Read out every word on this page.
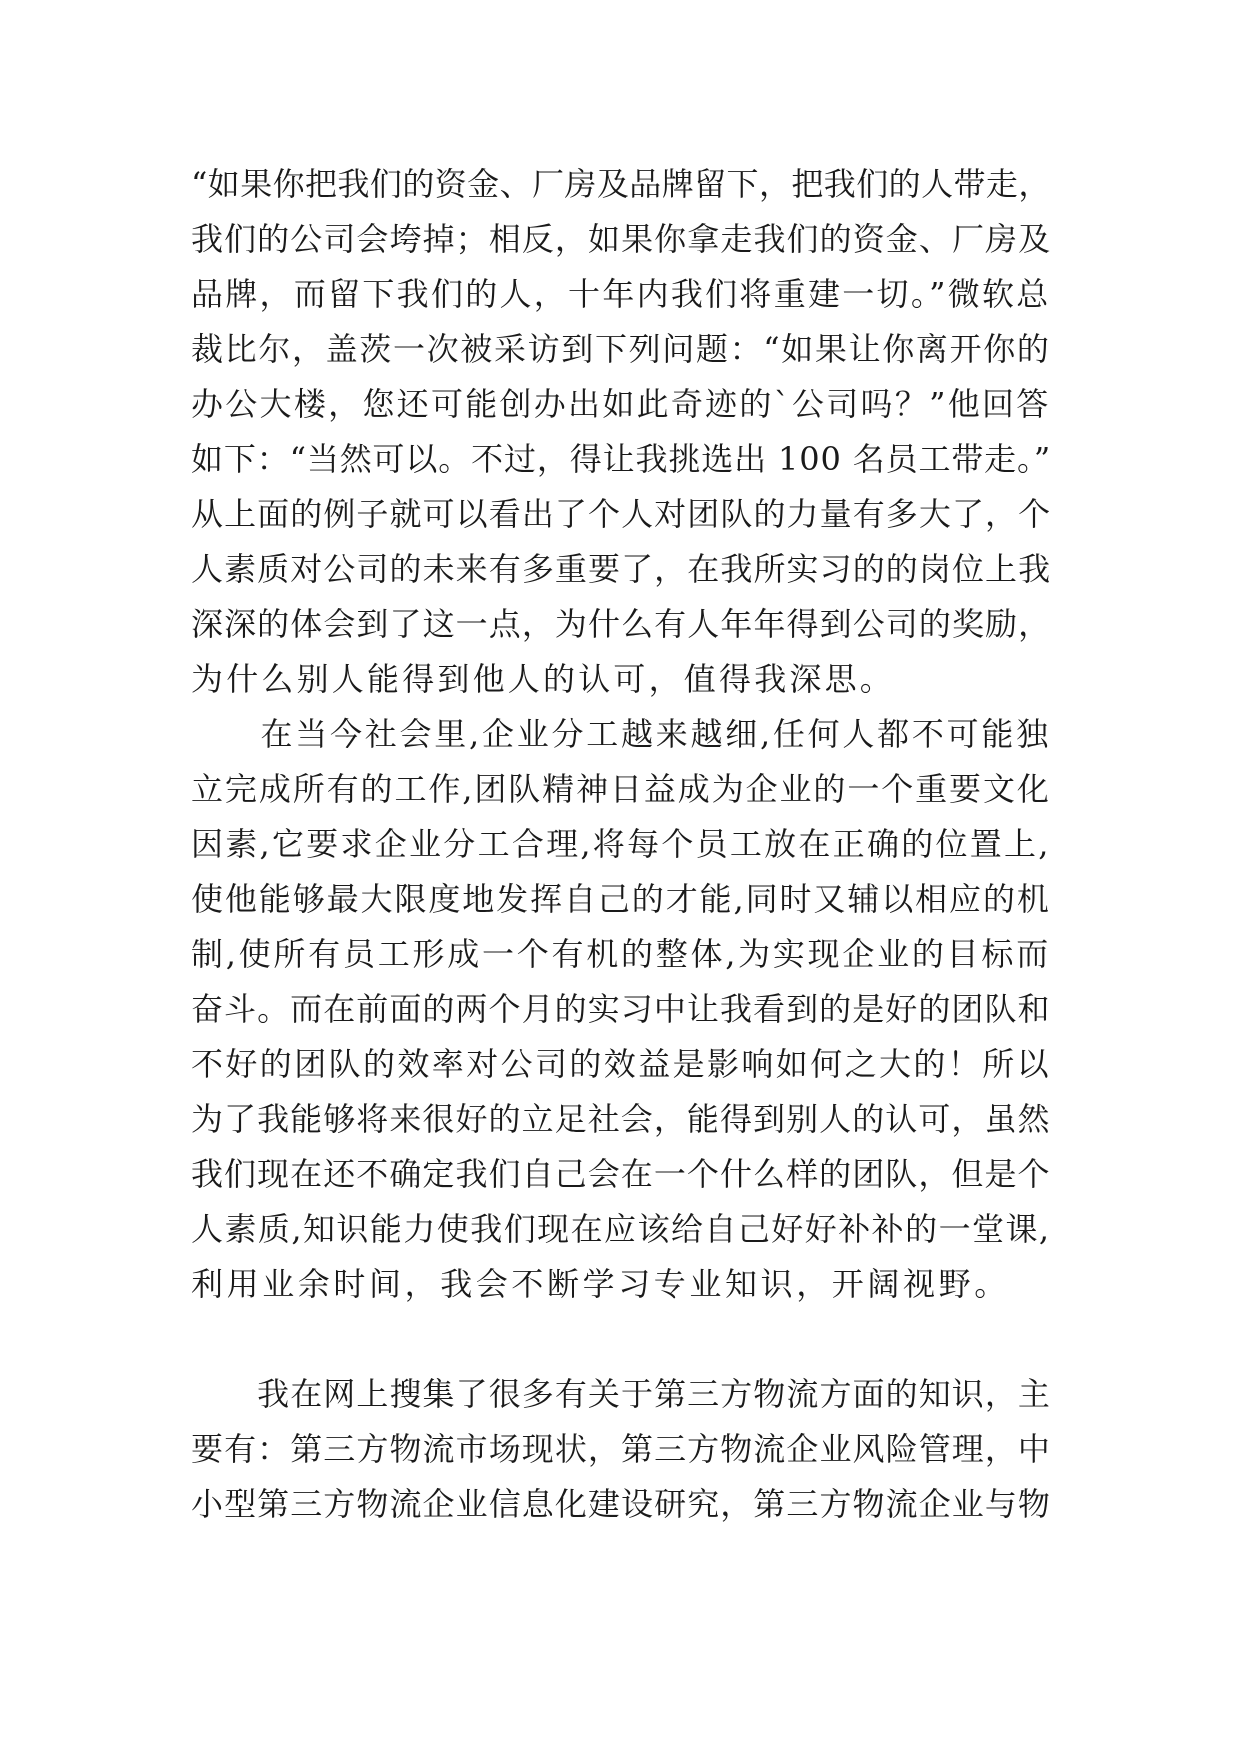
“如果你把我们的资金、厂房及品牌留下，把我们的人带走，
我们的公司会垮掉；相反，如果你拿走我们的资金、厂房及
品牌，而留下我们的人，十年内我们将重建一切。”微软总
裁比尔，盖茨一次被采访到下列问题：“如果让你离开你的
办公大楼，您还可能创办出如此奇迹的`公司吗？”他回答
如下：“当然可以。不过，得让我挑选出 100 名员工带走。”
从上面的例子就可以看出了个人对团队的力量有多大了，个
人素质对公司的未来有多重要了，在我所实习的的岗位上我
深深的体会到了这一点，为什么有人年年得到公司的奖励，
为什么别人能得到他人的认可，值得我深思。
　　在当今社会里,企业分工越来越细,任何人都不可能独
立完成所有的工作,团队精神日益成为企业的一个重要文化
因素,它要求企业分工合理,将每个员工放在正确的位置上,
使他能够最大限度地发挥自己的才能,同时又辅以相应的机
制,使所有员工形成一个有机的整体,为实现企业的目标而
奋斗。而在前面的两个月的实习中让我看到的是好的团队和
不好的团队的效率对公司的效益是影响如何之大的！所以
为了我能够将来很好的立足社会，能得到别人的认可，虽然
我们现在还不确定我们自己会在一个什么样的团队，但是个
人素质,知识能力使我们现在应该给自己好好补补的一堂课,
利用业余时间，我会不断学习专业知识，开阔视野。
　　我在网上搜集了很多有关于第三方物流方面的知识，主
要有：第三方物流市场现状，第三方物流企业风险管理，中
小型第三方物流企业信息化建设研究，第三方物流企业与物
